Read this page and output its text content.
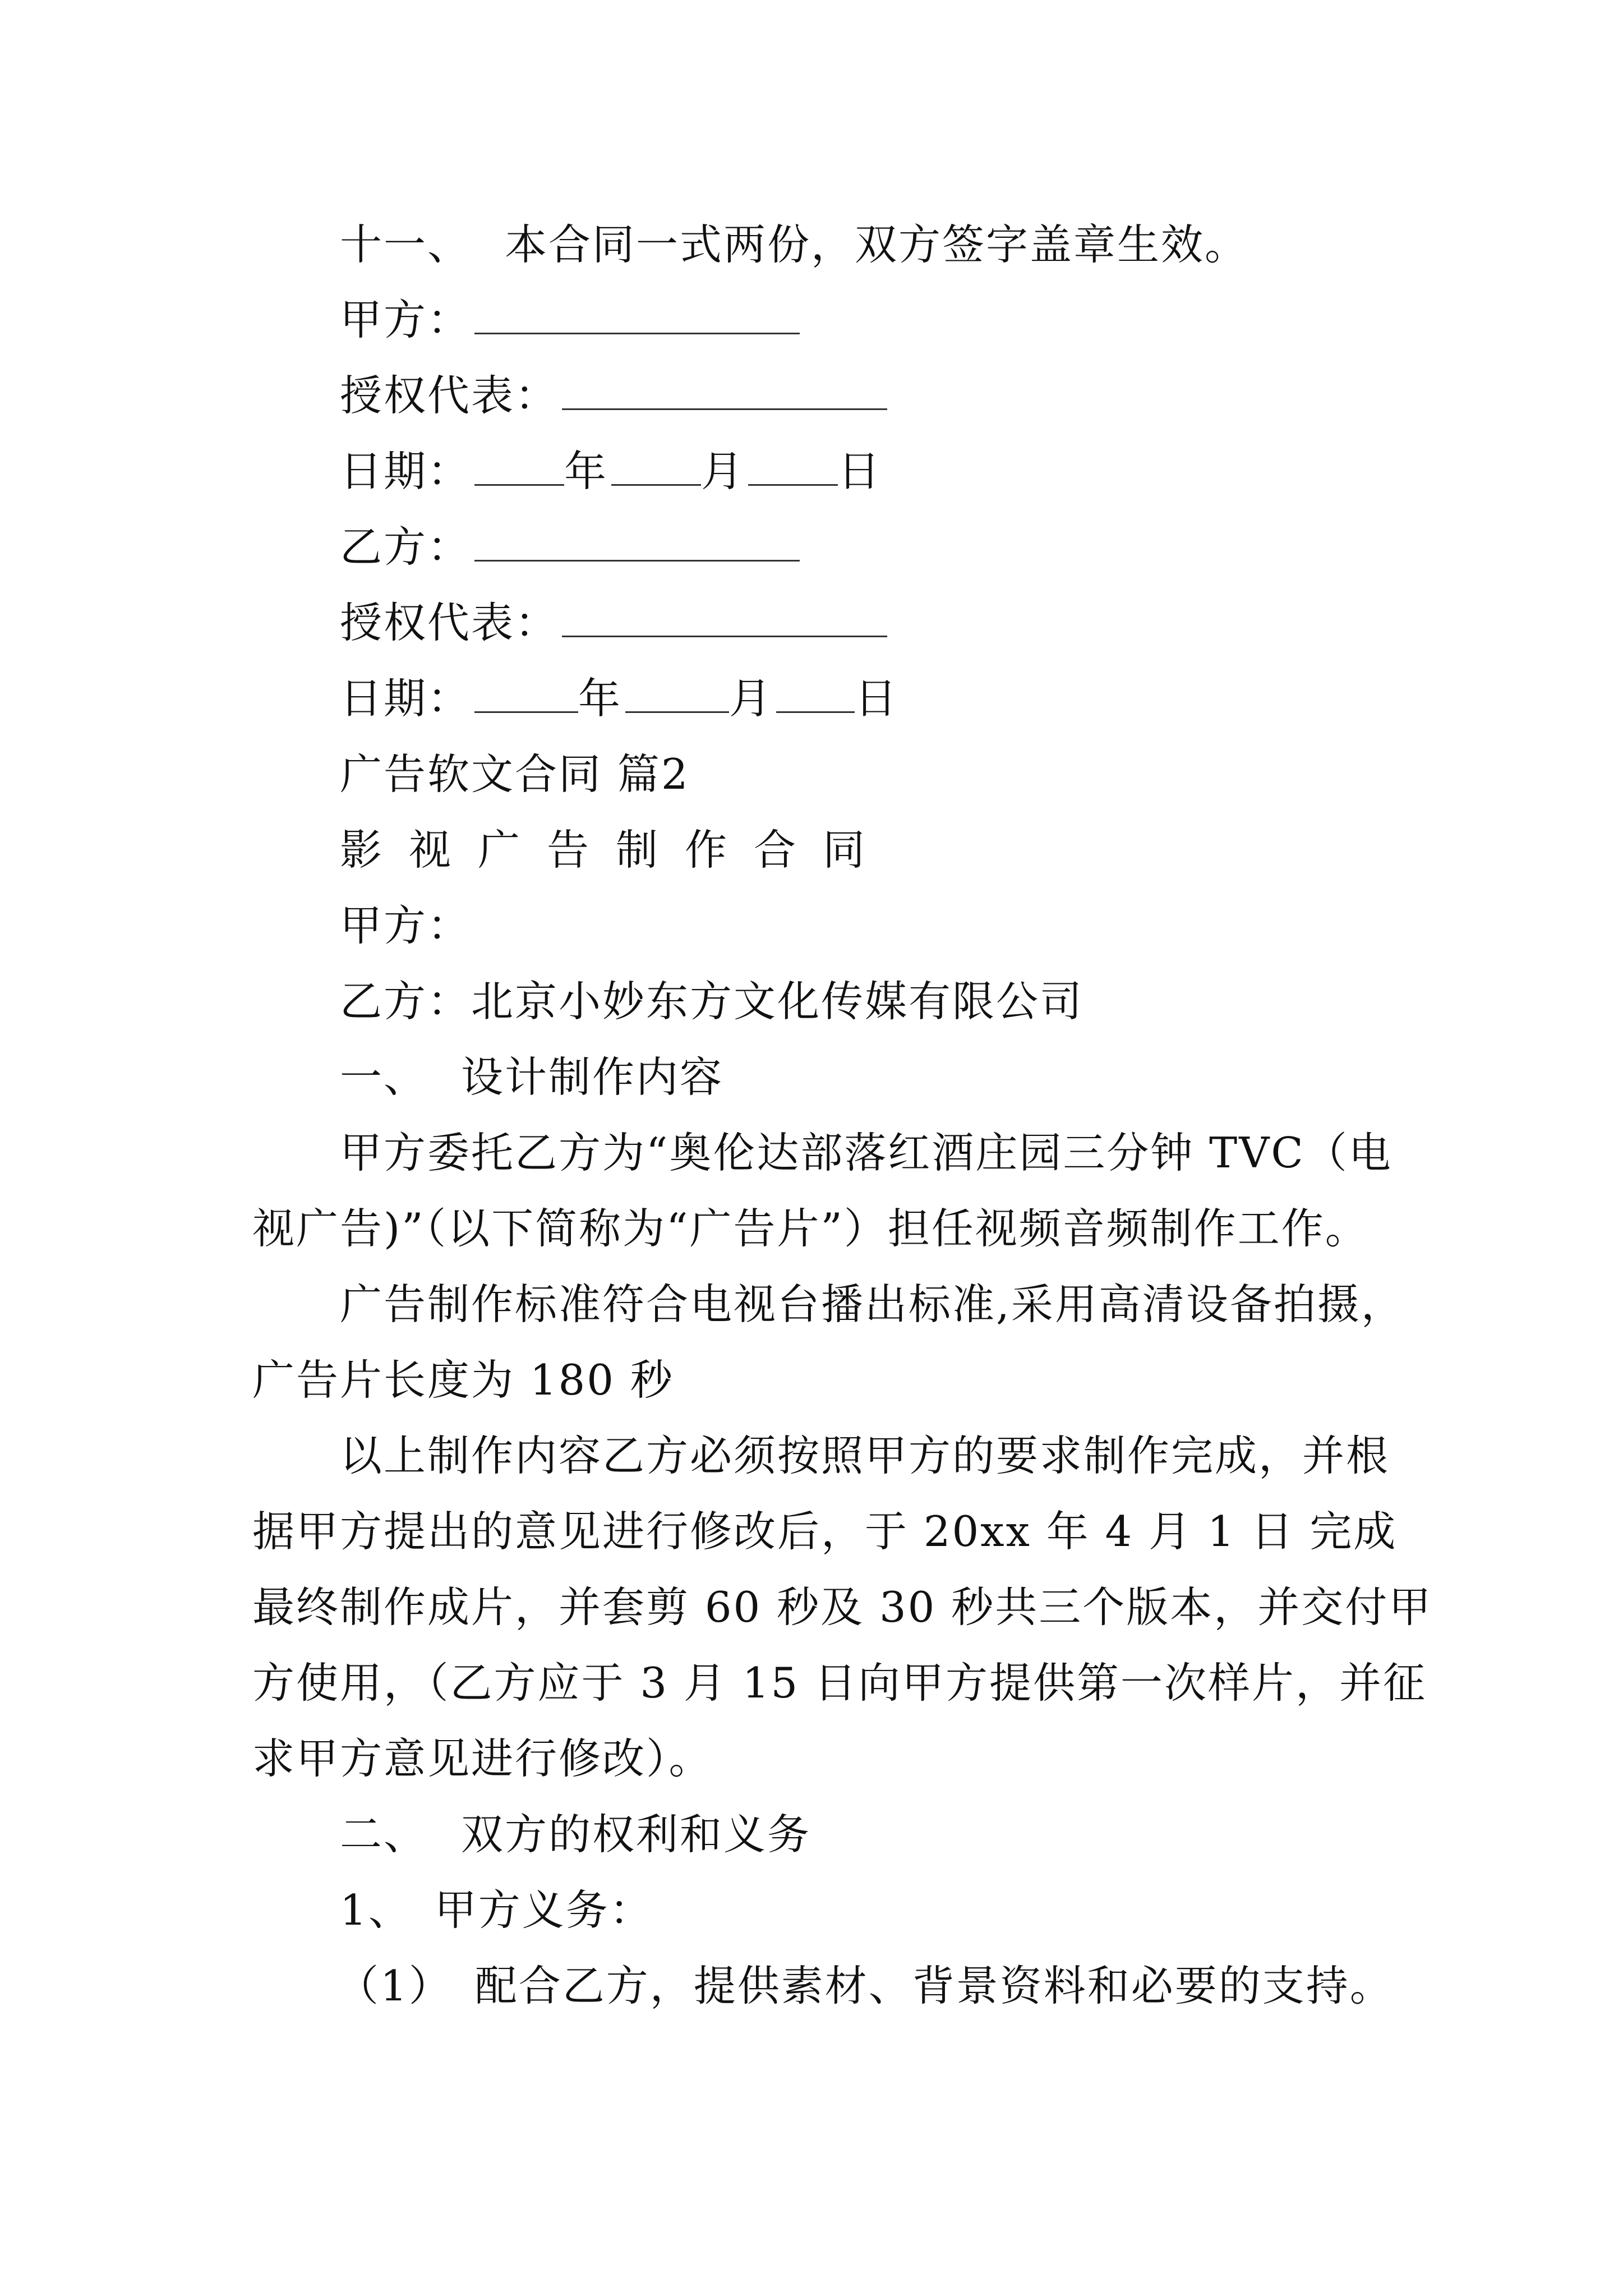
十一、 本合同一式两份，双方签字盖章生效。
甲方：
授权代表：
日期： 年 月 日
乙方：
授权代表：
日期：	年	月 日
广告软文合同 篇2
影视广告制作合同
甲方：
乙方：北京小妙东方文化传媒有限公司
一、 设计制作内容
甲方委托乙方为“奥伦达部落红酒庄园三分钟 TVC（电
视广告)”（以下简称为“广告片”）担任视频音频制作工作。
广告制作标准符合电视台播出标准,采用高清设备拍摄，
广告片长度为 180 秒
以上制作内容乙方必须按照甲方的要求制作完成，并根
据甲方提出的意见进行修改后，于 20xx 年 4 月 1 日 完成
最终制作成片，并套剪 60 秒及 30 秒共三个版本，并交付甲
方使用，（乙方应于 3 月 15 日向甲方提供第一次样片，并征
求甲方意见进行修改）。
二、 双方的权利和义务
1、 甲方义务：
（1） 配合乙方，提供素材、背景资料和必要的支持。
